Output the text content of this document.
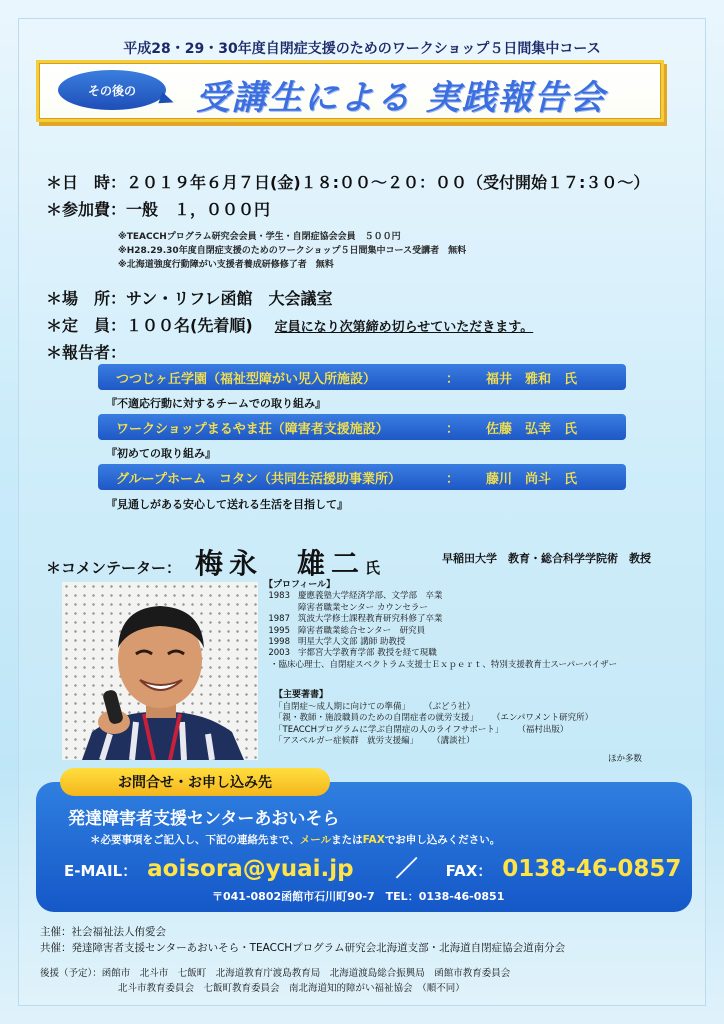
平成28・29・30年度自閉症支援のためのワークショップ５日間集中コース
その後の 受講生による 実践報告会
＊日　時：２０１９年６月７日(金)１８:００～２０：００（受付開始１７:３０～）
＊参加費：一般　１，０００円
※TEACCHプログラム研究会会員・学生・自閉症協会会員　５００円
※H28.29.30年度自閉症支援のためのワークショップ５日間集中コース受講者　無料
※北海道強度行動障がい支援者養成研修修了者　無料
＊場　所：サン・リフレ函館　大会議室
＊定　員：１００名(先着順) 定員になり次第締め切らせていただきます。
＊報告者：
つつじヶ丘学園（福祉型障がい児入所施設）	：	福井　雅和　氏
『不適応行動に対するチームでの取り組み』
ワークショップまるやま荘（障害者支援施設）	：	佐藤　弘幸　氏
『初めての取り組み』
グループホーム　コタン（共同生活援助事業所）	：	藤川　尚斗　氏
『見通しがある安心して送れる生活を目指して』
＊コメンテーター： 梅永　雄二氏
早稲田大学　教育・総合科学学院術　教授
【プロフィール】
1983 慶應義塾大学経済学部、文学部　卒業
障害者職業センター カウンセラー
1987 筑波大学修士課程教育研究科修了卒業
1995 障害者職業総合センター　研究員
1998 明星大学人文部 講師 助教授
2003 宇都宮大学教育学部 教授を経て現職
・臨床心理士、自閉症スペクトラム支援士Ｅｘｐｅｒｔ、特別支援教育士スーパーバイザー
【主要著書】
「自閉症～成人期に向けての準備」 （ぶどう社）
「親・教師・施設職員のための自閉症者の就労支援」 （エンパワメント研究所）
「TEACCHプログラムに学ぶ自閉症の人のライフサポート」 （福村出版）
「アスペルガー症候群　就労支援編」 （講談社）
ほか多数
発達障害者支援センターあおいそら
＊必要事項をご記入し、下記の連絡先まで、メールまたはFAXでお申し込みください。
E-MAIL： aoisora@yuai.jp ／ FAX： 0138-46-0857
〒041-0802函館市石川町90-7　TEL：0138-46-0851
お問合せ・お申し込み先
主催：社会福祉法人侑愛会
共催：発達障害者支援センターあおいそら・TEACCHプログラム研究会北海道支部・北海道自閉症協会道南分会
後援（予定）：函館市　北斗市　七飯町　北海道教育庁渡島教育局　北海道渡島総合振興局　函館市教育委員会
北斗市教育委員会　七飯町教育委員会　南北海道知的障がい福祉協会　（順不同）
